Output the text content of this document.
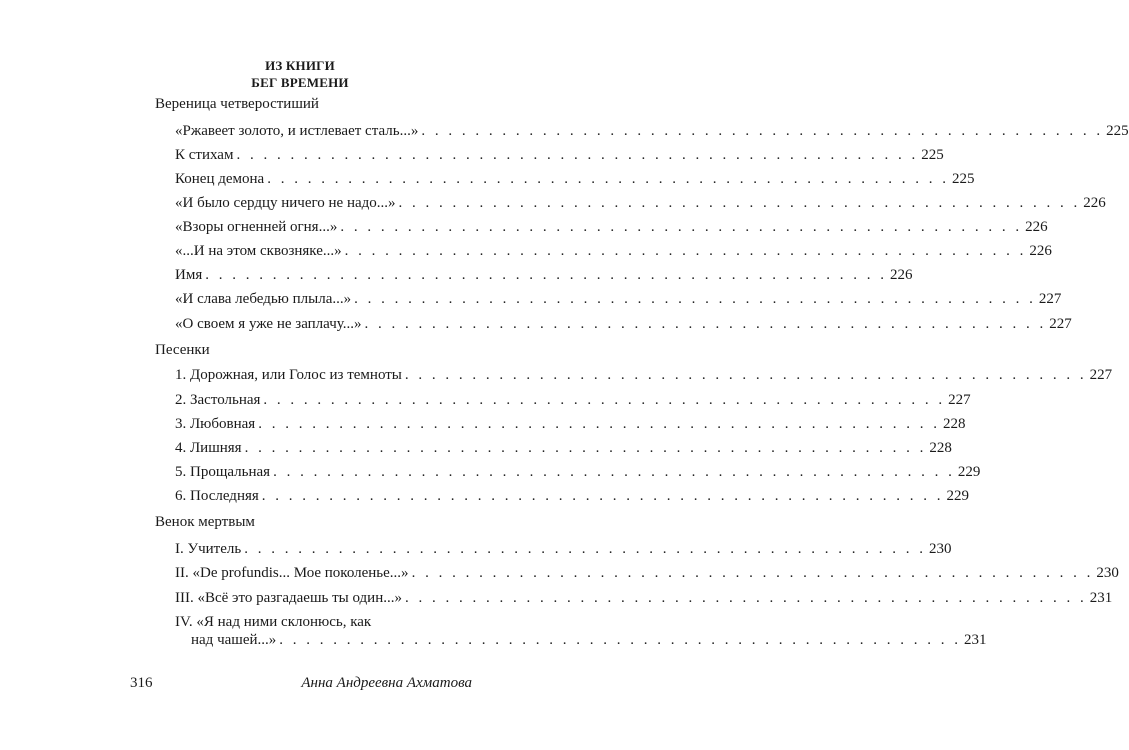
ИЗ КНИГИ
БЕГ ВРЕМЕНИ
Вереница четверостиший
«Ржавеет золото, и истлевает сталь...» . . . . . . . . . . . . . . . . . . . . . . . . . . . . . . . . . . . . . . . . . . . . . . . . . . . 225
К стихам . . . . . . . . . . . . . . . . . . . . . . . . . . . . . . . . . . . . . . . . . . . . . . . . . . . 225
Конец демона . . . . . . . . . . . . . . . . . . . . . . . . . . . . . . . . . . . . . . . . . . . . . . . . . . . 225
«И было сердцу ничего не надо...» . . . . . . . . . . . . . . . . . . . . . . . . . . . . . . . . . . . . . . . . . . . . . . . . . . . 226
«Взоры огненней огня...» . . . . . . . . . . . . . . . . . . . . . . . . . . . . . . . . . . . . . . . . . . . . . . . . . . . 226
«...И на этом сквозняке...» . . . . . . . . . . . . . . . . . . . . . . . . . . . . . . . . . . . . . . . . . . . . . . . . . . . 226
Имя . . . . . . . . . . . . . . . . . . . . . . . . . . . . . . . . . . . . . . . . . . . . . . . . . . . 226
«И слава лебедью плыла...» . . . . . . . . . . . . . . . . . . . . . . . . . . . . . . . . . . . . . . . . . . . . . . . . . . . 227
«О своем я уже не заплачу...» . . . . . . . . . . . . . . . . . . . . . . . . . . . . . . . . . . . . . . . . . . . . . . . . . . . 227
Песенки
1. Дорожная, или Голос из темноты . . . . . . . . . . . . . . . . . . . . . . . . . . . . . . . . . . . . . . . . . . . . . . . . . . . 227
2. Застольная . . . . . . . . . . . . . . . . . . . . . . . . . . . . . . . . . . . . . . . . . . . . . . . . . . . 227
3. Любовная . . . . . . . . . . . . . . . . . . . . . . . . . . . . . . . . . . . . . . . . . . . . . . . . . . . 228
4. Лишняя . . . . . . . . . . . . . . . . . . . . . . . . . . . . . . . . . . . . . . . . . . . . . . . . . . . 228
5. Прощальная . . . . . . . . . . . . . . . . . . . . . . . . . . . . . . . . . . . . . . . . . . . . . . . . . . . 229
6. Последняя . . . . . . . . . . . . . . . . . . . . . . . . . . . . . . . . . . . . . . . . . . . . . . . . . . . 229
Венок мертвым
I. Учитель . . . . . . . . . . . . . . . . . . . . . . . . . . . . . . . . . . . . . . . . . . . . . . . . . . . 230
II. «De profundis... Мое поколенье...» . . . . . . . . . . . . . . . . . . . . . . . . . . . . . . . . . . . . . . . . . . . . . . . . . . . 230
III. «Всё это разгадаешь ты один...» . . . . . . . . . . . . . . . . . . . . . . . . . . . . . . . . . . . . . . . . . . . . . . . . . . . 231
IV. «Я над ними склонюсь, как
над чашей...» . . . . . . . . . . . . . . . . . . . . . . . . . . . . . . . . . . . . . . . . . . . . . . . . . . . 231
316	Анна Андреевна Ахматова
